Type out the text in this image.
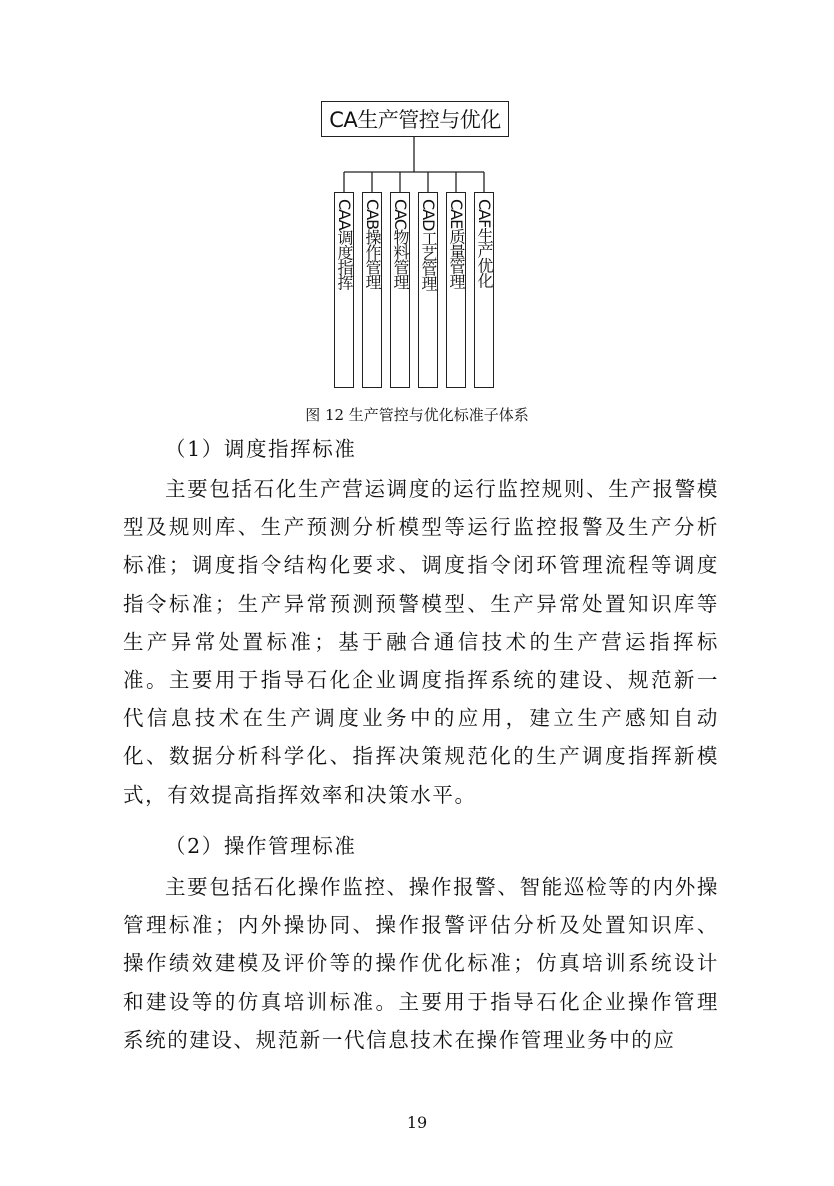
CA生产管控与优化
CAA调度指挥 CAB操作管理 CAC物料管理 CAD工艺管理 CAE质量管理 CAF生产优化
图 12 生产管控与优化标准子体系

（1）调度指挥标准

主要包括石化生产营运调度的运行监控规则、生产报警模型及规则库、生产预测分析模型等运行监控报警及生产分析标准；调度指令结构化要求、调度指令闭环管理流程等调度指令标准；生产异常预测预警模型、生产异常处置知识库等生产异常处置标准；基于融合通信技术的生产营运指挥标准。主要用于指导石化企业调度指挥系统的建设、规范新一代信息技术在生产调度业务中的应用，建立生产感知自动化、数据分析科学化、指挥决策规范化的生产调度指挥新模式，有效提高指挥效率和决策水平。

（2）操作管理标准

主要包括石化操作监控、操作报警、智能巡检等的内外操管理标准；内外操协同、操作报警评估分析及处置知识库、操作绩效建模及评价等的操作优化标准；仿真培训系统设计和建设等的仿真培训标准。主要用于指导石化企业操作管理系统的建设、规范新一代信息技术在操作管理业务中的应

19
